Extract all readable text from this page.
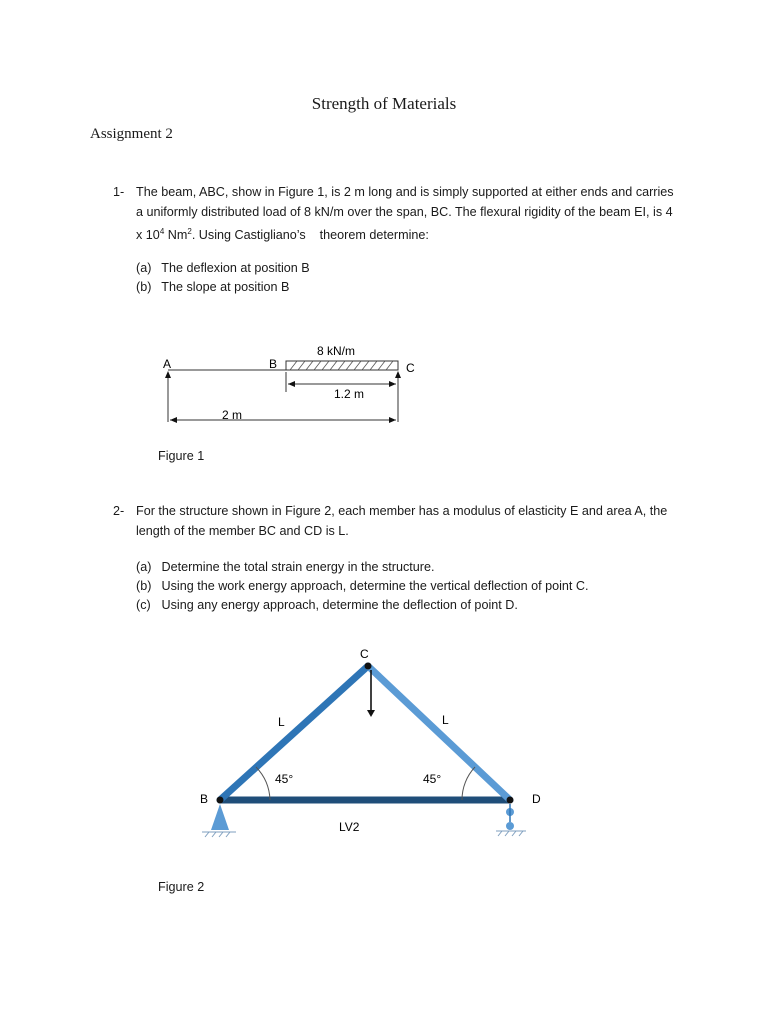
Strength of Materials
Assignment 2
1- The beam, ABC, show in Figure 1, is 2 m long and is simply supported at either ends and carries a uniformly distributed load of 8 kN/m over the span, BC. The flexural rigidity of the beam EI, is 4 x $10^4$ Nm$^2$. Using Castigliano’s    theorem determine:
(a) The deflexion at position B
(b) The slope at position B
A	B	C
8 kN/m
1.2 m
2 m
Figure 1
2- For the structure shown in Figure 2, each member has a modulus of elasticity E and area A, the length of the member BC and CD is L.
(a) Determine the total strain energy in the structure.
(b) Using the work energy approach, determine the vertical deflection of point C.
(c) Using any energy approach, determine the deflection of point D.
C
B	D
L	L
45°	45°
LV2
Figure 2
